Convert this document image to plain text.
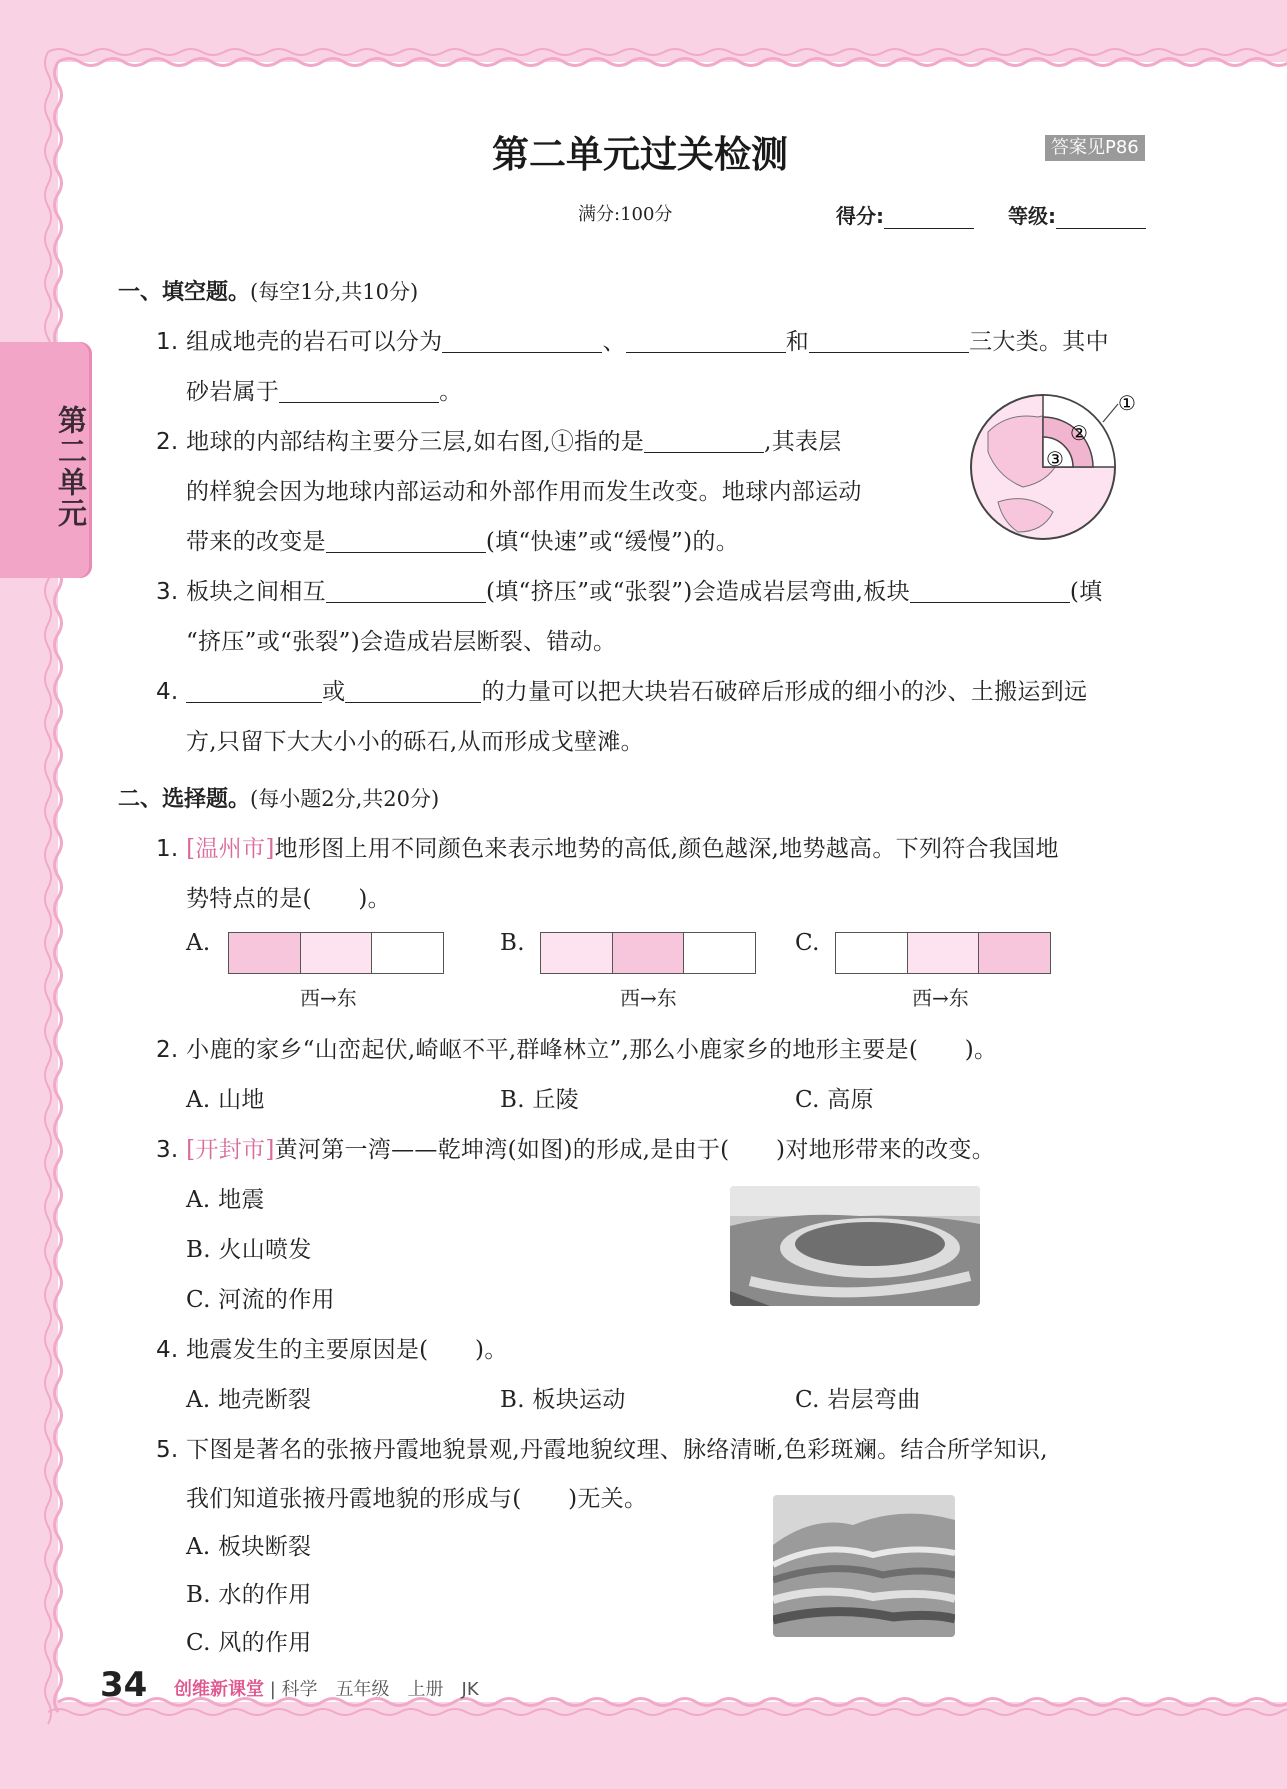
第二单元
第二单元过关检测	答案见P86
满分:100分	得分:	等级:
一、填空题。(每空1分,共10分)
1. 组成地壳的岩石可以分为	、	和	三大类。其中
砂岩属于	。
2. 地球的内部结构主要分三层,如右图,①指的是	,其表层
的样貌会因为地球内部运动和外部作用而发生改变。地球内部运动
带来的改变是	(填“快速”或“缓慢”)的。
①
②
③
3. 板块之间相互	(填“挤压”或“张裂”)会造成岩层弯曲,板块	(填
“挤压”或“张裂”)会造成岩层断裂、错动。
4.	或	的力量可以把大块岩石破碎后形成的细小的沙、土搬运到远
方,只留下大大小小的砾石,从而形成戈壁滩。
二、选择题。(每小题2分,共20分)
1. [温州市]地形图上用不同颜色来表示地势的高低,颜色越深,地势越高。下列符合我国地
势特点的是(　　)。
A.
西→东
B.
西→东
C.
西→东
2. 小鹿的家乡“山峦起伏,崎岖不平,群峰林立”,那么小鹿家乡的地形主要是(　　)。
A. 山地	B. 丘陵	C. 高原
3. [开封市]黄河第一湾——乾坤湾(如图)的形成,是由于(　　)对地形带来的改变。
A. 地震
B. 火山喷发
C. 河流的作用
4. 地震发生的主要原因是(　　)。
A. 地壳断裂	B. 板块运动	C. 岩层弯曲
5. 下图是著名的张掖丹霞地貌景观,丹霞地貌纹理、脉络清晰,色彩斑斓。结合所学知识,
我们知道张掖丹霞地貌的形成与(　　)无关。
A. 板块断裂
B. 水的作用
C. 风的作用
34 创维新课堂 | 科学　五年级　上册　JK
